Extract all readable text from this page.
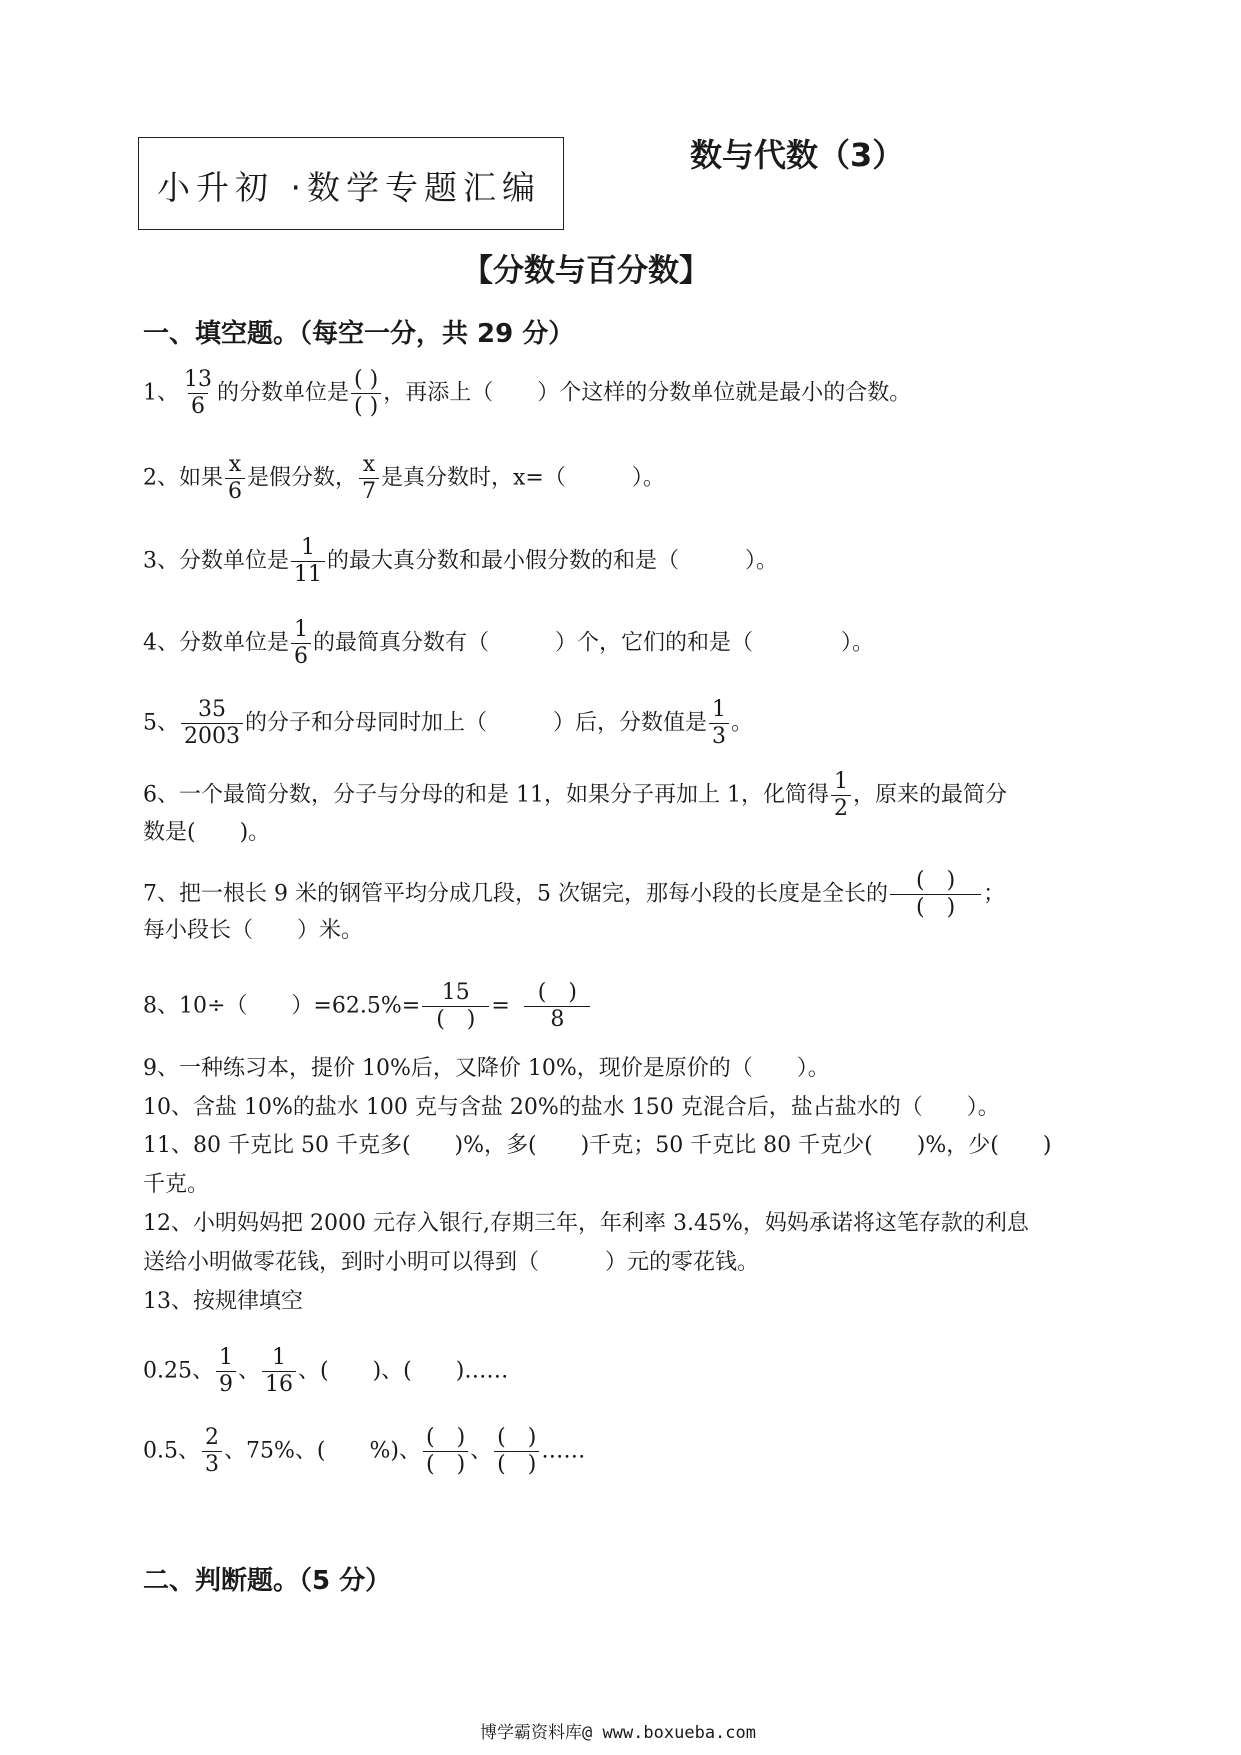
小升初 ·数学专题汇编
数与代数（3）
【分数与百分数】
一、填空题。（每空一分，共 29 分）
1、 $\frac{13}{6}$ 的分数单位是 $\frac{( )}{( )}$ ，再添上（　　）个这样的分数单位就是最小的合数。
2、如果 $\frac{x}{6}$ 是假分数， $\frac{x}{7}$ 是真分数时，x=（　　　）。
3、分数单位是 $\frac{1}{11}$ 的最大真分数和最小假分数的和是（　　　）。
4、分数单位是 $\frac{1}{6}$ 的最简真分数有（　　　）个，它们的和是（　　　　）。
5、 $\frac{35}{2003}$ 的分子和分母同时加上（　　　）后，分数值是 $\frac{1}{3}$ 。
6、一个最简分数，分子与分母的和是 11，如果分子再加上 1，化简得 $\frac{1}{2}$ ，原来的最简分
数是(　　)。
7、把一根长 9 米的钢管平均分成几段，5 次锯完，那每小段的长度是全长的 $\frac{( )}{( )}$ ；
每小段长（　　）米。
8、10÷（　　）$=62.5\%= \frac{15}{( )} = \frac{( )}{8}$
9、一种练习本，提价 10%后，又降价 10%，现价是原价的（　　）。
10、含盐 10%的盐水 100 克与含盐 20%的盐水 150 克混合后，盐占盐水的（　　）。
11、80 千克比 50 千克多(　　)%，多(　　)千克；50 千克比 80 千克少(　　)%，少(　　)
千克。
12、小明妈妈把 2000 元存入银行,存期三年，年利率 3.45%，妈妈承诺将这笔存款的利息
送给小明做零花钱，到时小明可以得到（　　　）元的零花钱。
13、按规律填空
0.25、 $\frac{1}{9}$ 、 $\frac{1}{16}$ 、(　　)、(　　)……
0.5、 $\frac{2}{3}$ 、75%、(　　%)、 $\frac{( )}{( )}$ 、 $\frac{( )}{( )}$ ……
二、判断题。（5 分）
博学霸资料库@ www.boxueba.com
